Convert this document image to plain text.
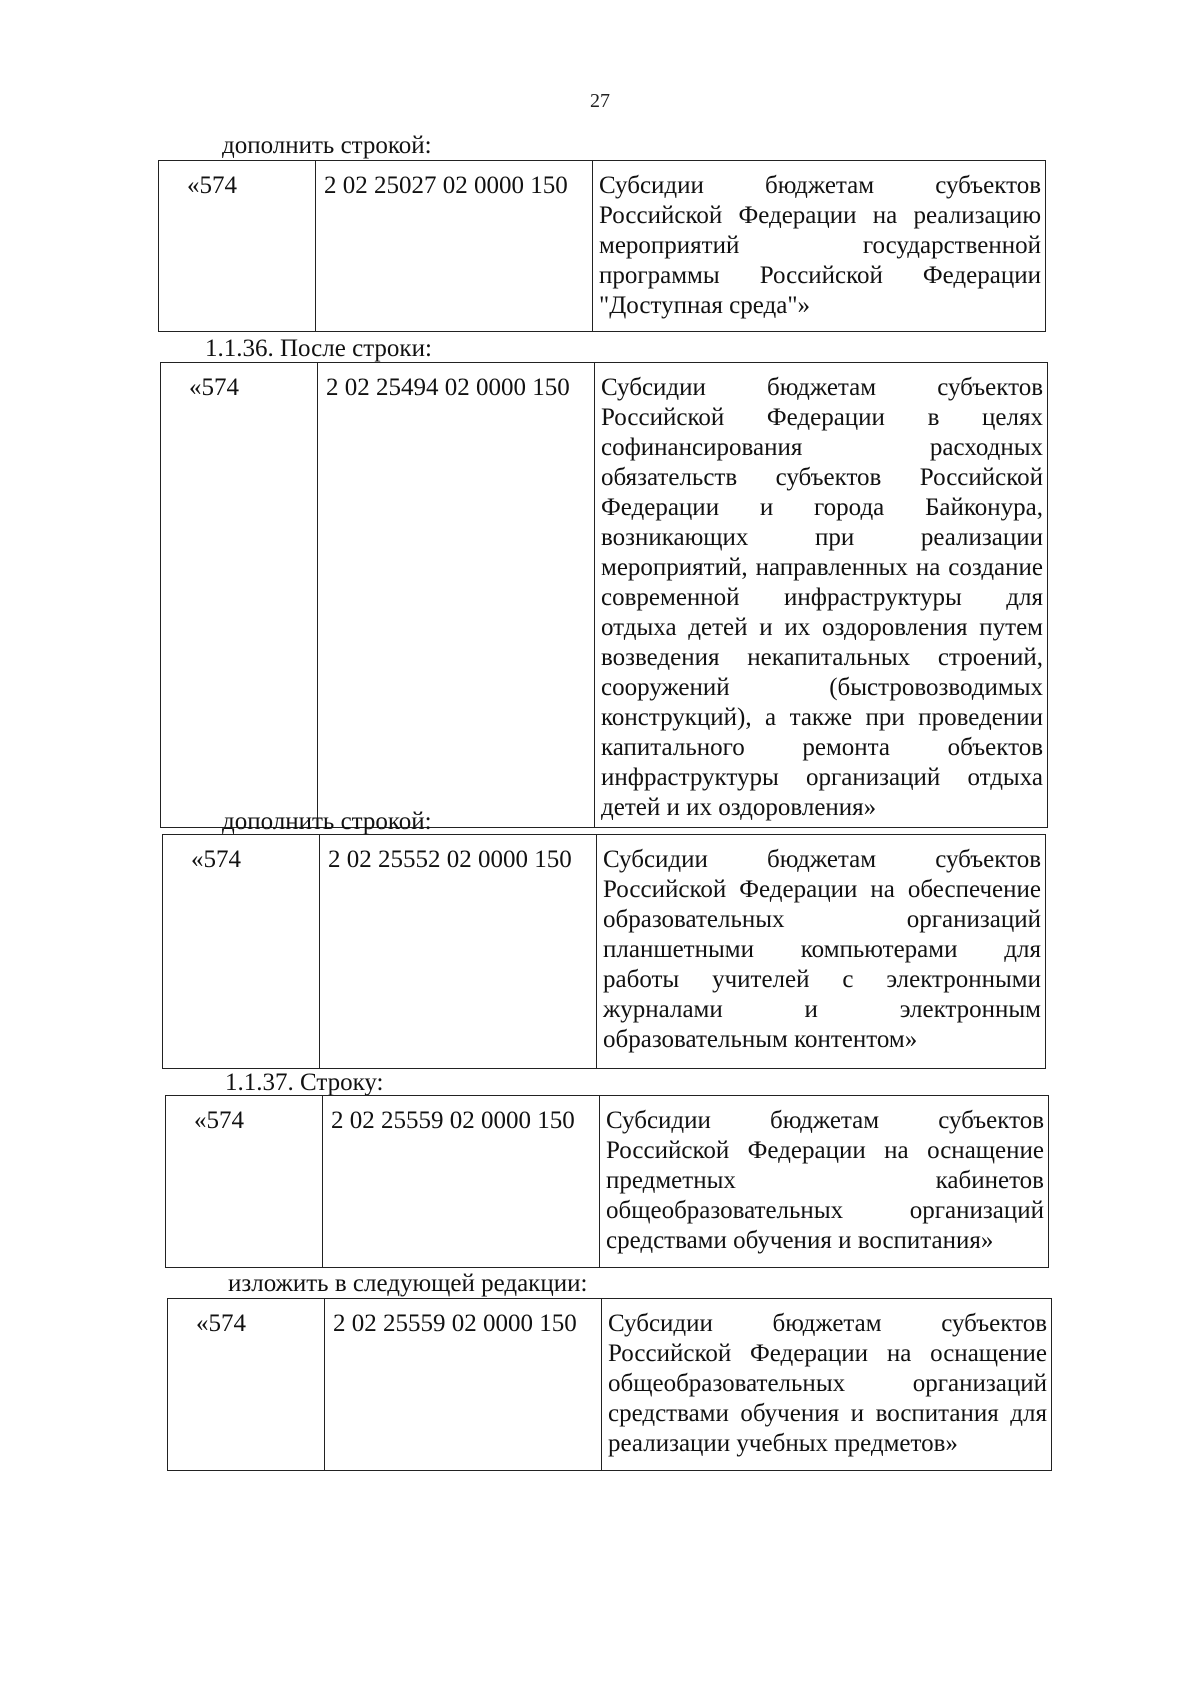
27
дополнить строкой:
«574	2 02 25027 02 0000 150	Субсидии бюджетам субъектов Российской Федерации на реализацию мероприятий государственной программы Российской Федерации "Доступная среда"»
1.1.36. После строки:
«574	2 02 25494 02 0000 150	Субсидии бюджетам субъектов Российской Федерации в целях софинансирования расходных обязательств субъектов Российской Федерации и города Байконура, возникающих при реализации мероприятий, направленных на создание современной инфраструктуры для отдыха детей и их оздоровления путем возведения некапитальных строений, сооружений (быстровозводимых конструкций), а также при проведении капитального ремонта объектов инфраструктуры организаций отдыха детей и их оздоровления»
дополнить строкой:
«574	2 02 25552 02 0000 150	Субсидии бюджетам субъектов Российской Федерации на обеспечение образовательных организаций планшетными компьютерами для работы учителей с электронными журналами и электронным образовательным контентом»
1.1.37. Строку:
«574	2 02 25559 02 0000 150	Субсидии бюджетам субъектов Российской Федерации на оснащение предметных кабинетов общеобразовательных организаций средствами обучения и воспитания»
изложить в следующей редакции:
«574	2 02 25559 02 0000 150	Субсидии бюджетам субъектов Российской Федерации на оснащение общеобразовательных организаций средствами обучения и воспитания для реализации учебных предметов»
